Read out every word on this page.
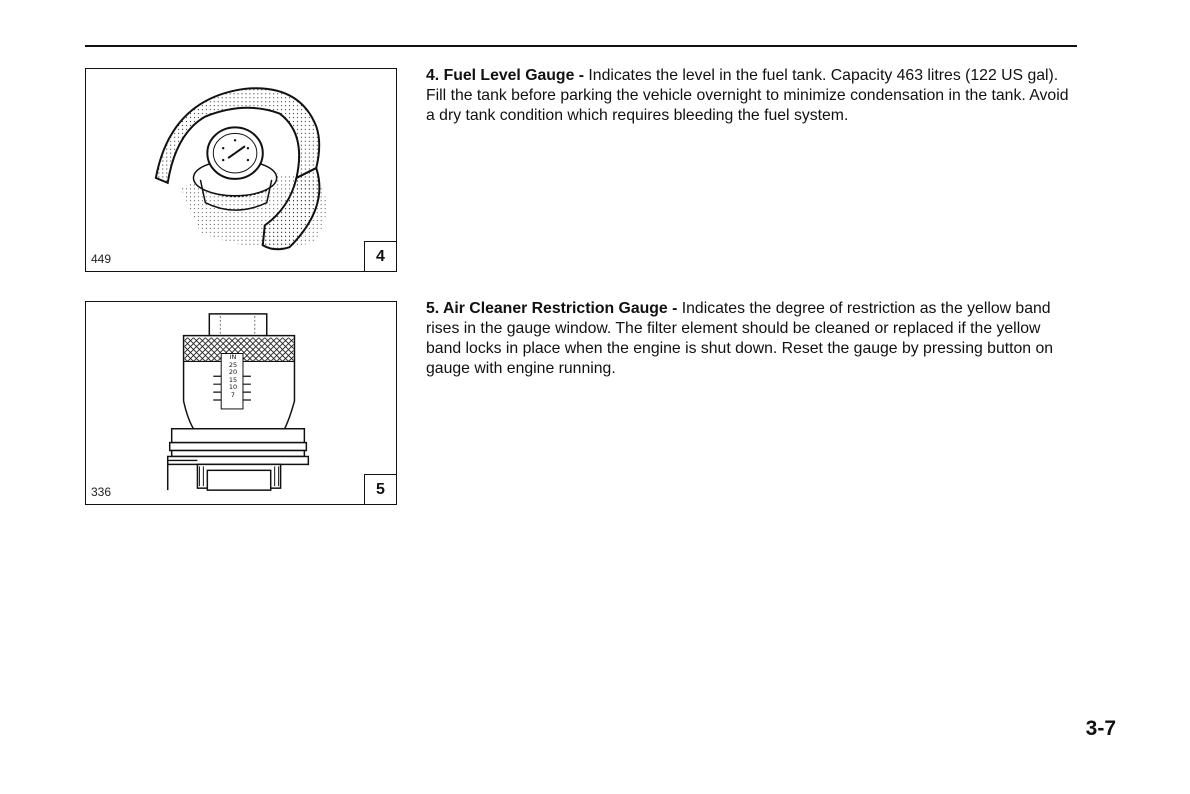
449	4

4. Fuel Level Gauge - Indicates the level in the fuel tank. Capacity 463 litres (122 US gal). Fill the tank before parking the vehicle overnight to minimize condensation in the tank. Avoid a dry tank condition which requires bleeding the fuel system.

IN
25
20
15
10
7
336	5

5. Air Cleaner Restriction Gauge - Indicates the degree of restriction as the yellow band rises in the gauge window. The filter element should be cleaned or replaced if the yellow band locks in place when the engine is shut down. Reset the gauge by pressing button on gauge with engine running.

3-7
